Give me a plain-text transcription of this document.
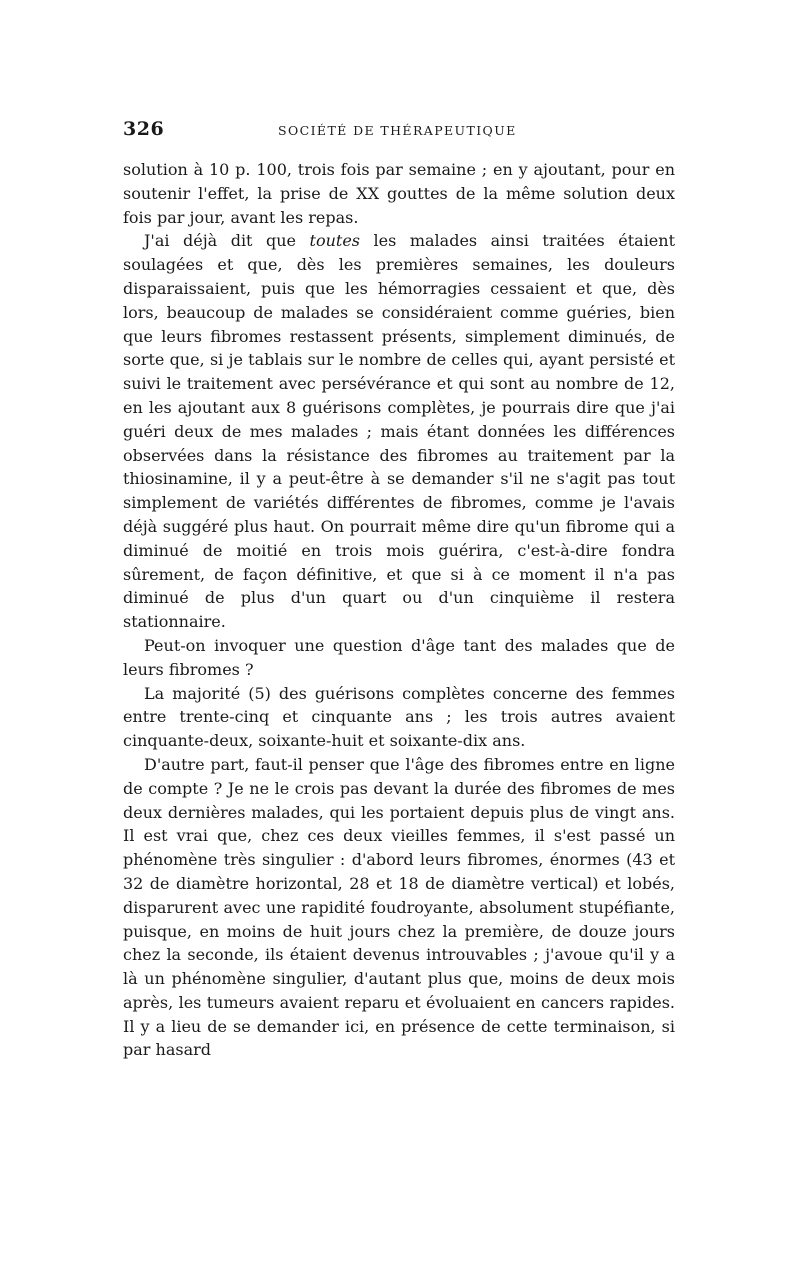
326	SOCIÉTÉ DE THÉRAPEUTIQUE

solution à 10 p. 100, trois fois par semaine ; en y ajoutant, pour en soutenir l'effet, la prise de XX gouttes de la même solution deux fois par jour, avant les repas.

J'ai déjà dit que toutes les malades ainsi traitées étaient soulagées et que, dès les premières semaines, les douleurs disparaissaient, puis que les hémorragies cessaient et que, dès lors, beaucoup de malades se considéraient comme guéries, bien que leurs fibromes restassent présents, simplement diminués, de sorte que, si je tablais sur le nombre de celles qui, ayant persisté et suivi le traitement avec persévérance et qui sont au nombre de 12, en les ajoutant aux 8 guérisons complètes, je pourrais dire que j'ai guéri deux de mes malades ; mais étant données les différences observées dans la résistance des fibromes au traitement par la thiosinamine, il y a peut-être à se demander s'il ne s'agit pas tout simplement de variétés différentes de fibromes, comme je l'avais déjà suggéré plus haut. On pourrait même dire qu'un fibrome qui a diminué de moitié en trois mois guérira, c'est-à-dire fondra sûrement, de façon définitive, et que si à ce moment il n'a pas diminué de plus d'un quart ou d'un cinquième il restera stationnaire.

Peut-on invoquer une question d'âge tant des malades que de leurs fibromes ?

La majorité (5) des guérisons complètes concerne des femmes entre trente-cinq et cinquante ans ; les trois autres avaient cinquante-deux, soixante-huit et soixante-dix ans.

D'autre part, faut-il penser que l'âge des fibromes entre en ligne de compte ? Je ne le crois pas devant la durée des fibromes de mes deux dernières malades, qui les portaient depuis plus de vingt ans. Il est vrai que, chez ces deux vieilles femmes, il s'est passé un phénomène très singulier : d'abord leurs fibromes, énormes (43 et 32 de diamètre horizontal, 28 et 18 de diamètre vertical) et lobés, disparurent avec une rapidité foudroyante, absolument stupéfiante, puisque, en moins de huit jours chez la première, de douze jours chez la seconde, ils étaient devenus introuvables ; j'avoue qu'il y a là un phénomène singulier, d'autant plus que, moins de deux mois après, les tumeurs avaient reparu et évoluaient en cancers rapides. Il y a lieu de se demander ici, en présence de cette terminaison, si par hasard
